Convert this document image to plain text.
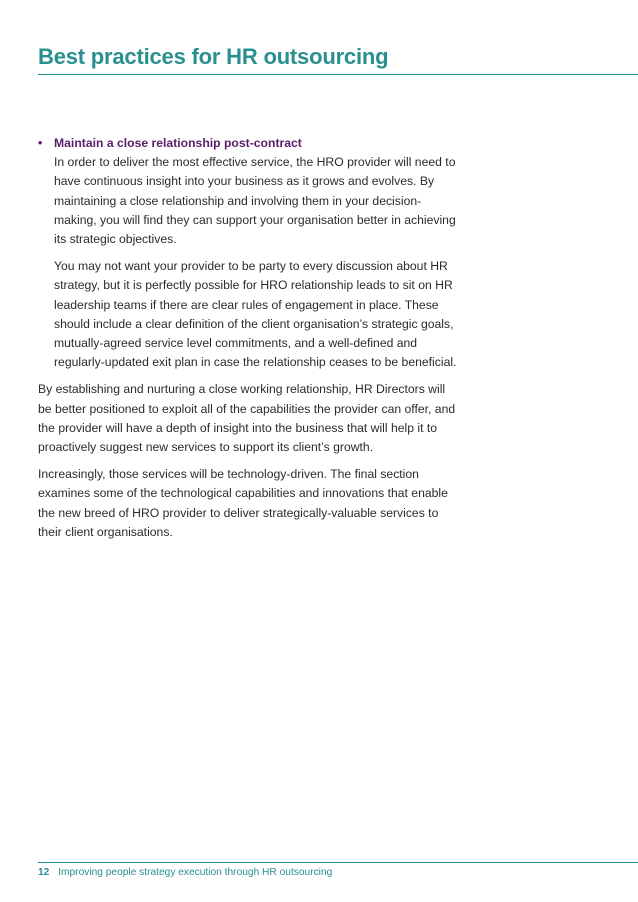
Best practices for HR outsourcing
• Maintain a close relationship post-contract

In order to deliver the most effective service, the HRO provider will need to have continuous insight into your business as it grows and evolves. By maintaining a close relationship and involving them in your decision-making, you will find they can support your organisation better in achieving its strategic objectives.

You may not want your provider to be party to every discussion about HR strategy, but it is perfectly possible for HRO relationship leads to sit on HR leadership teams if there are clear rules of engagement in place. These should include a clear definition of the client organisation’s strategic goals, mutually-agreed service level commitments, and a well-defined and regularly-updated exit plan in case the relationship ceases to be beneficial.

By establishing and nurturing a close working relationship, HR Directors will be better positioned to exploit all of the capabilities the provider can offer, and the provider will have a depth of insight into the business that will help it to proactively suggest new services to support its client’s growth.

Increasingly, those services will be technology-driven. The final section examines some of the technological capabilities and innovations that enable the new breed of HRO provider to deliver strategically-valuable services to their client organisations.

12 Improving people strategy execution through HR outsourcing
